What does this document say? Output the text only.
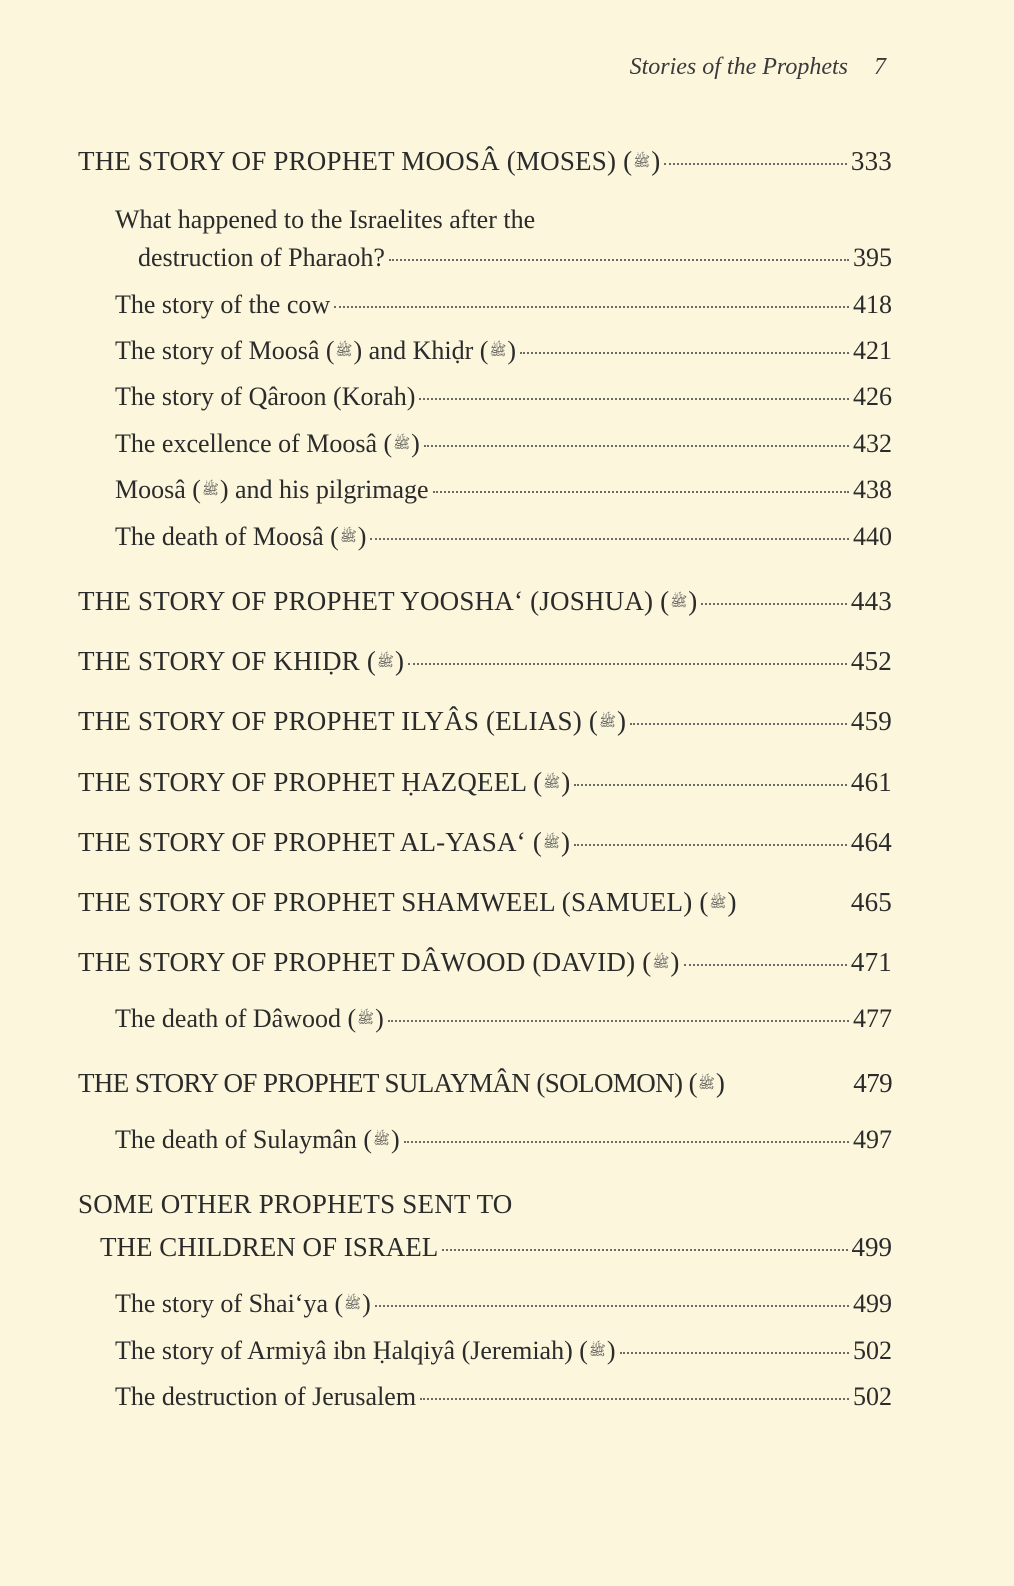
Stories of the Prophets 7
THE STORY OF PROPHET MOOSÂ (MOSES) (ﷺ)	333
What happened to the Israelites after the
destruction of Pharaoh?	395
The story of the cow	418
The story of Moosâ (ﷺ) and Khiḍr (ﷺ)	421
The story of Qâroon (Korah)	426
The excellence of Moosâ (ﷺ)	432
Moosâ (ﷺ) and his pilgrimage	438
The death of Moosâ (ﷺ)	440
THE STORY OF PROPHET YOOSHA‘ (JOSHUA) (ﷺ)	443
THE STORY OF KHIḌR (ﷺ)	452
THE STORY OF PROPHET ILYÂS (ELIAS) (ﷺ)	459
THE STORY OF PROPHET ḤAZQEEL (ﷺ)	461
THE STORY OF PROPHET AL-YASA‘ (ﷺ)	464
THE STORY OF PROPHET SHAMWEEL (SAMUEL) (ﷺ)	465
THE STORY OF PROPHET DÂWOOD (DAVID) (ﷺ)	471
The death of Dâwood (ﷺ)	477
THE STORY OF PROPHET SULAYMÂN (SOLOMON) (ﷺ)	479
The death of Sulaymân (ﷺ)	497
SOME OTHER PROPHETS SENT TO
THE CHILDREN OF ISRAEL	499
The story of Shai‘ya (ﷺ)	499
The story of Armiyâ ibn Ḥalqiyâ (Jeremiah) (ﷺ)	502
The destruction of Jerusalem	502
